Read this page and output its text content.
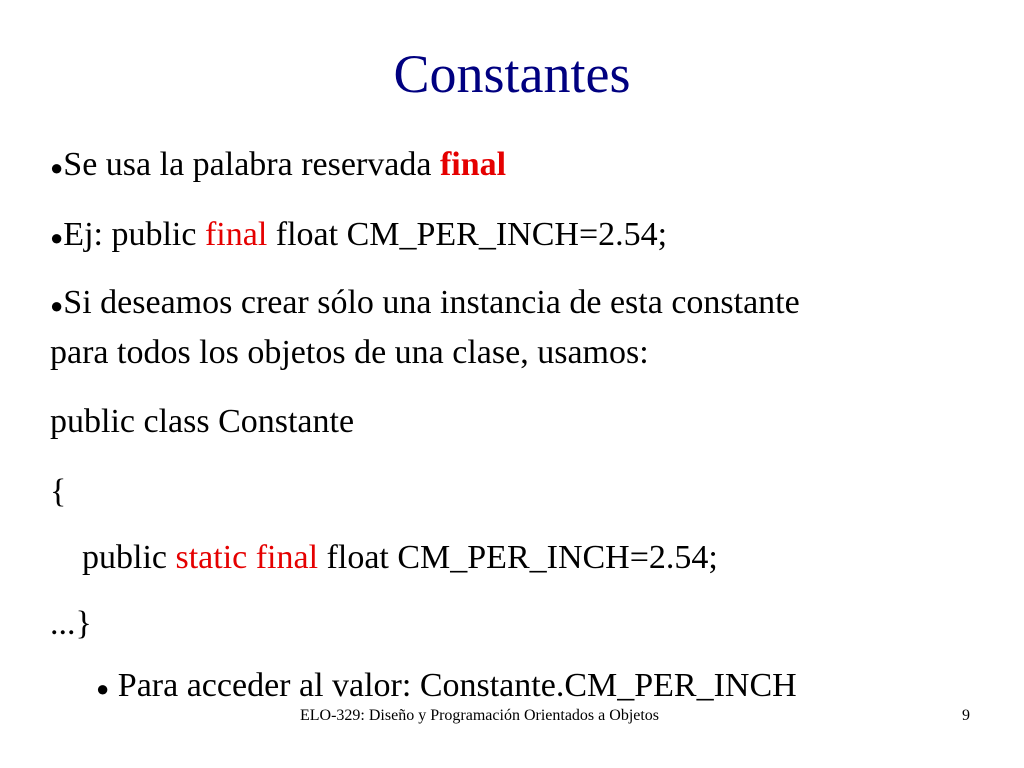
Constantes
●Se usa la palabra reservada final
●Ej: public final float CM_PER_INCH=2.54;
●Si deseamos crear sólo una instancia de esta constante
para todos los objetos de una clase, usamos:
public class Constante
{
public static final float CM_PER_INCH=2.54;
...}
● Para acceder al valor: Constante.CM_PER_INCH
ELO-329: Diseño y Programación Orientados a Objetos	9
